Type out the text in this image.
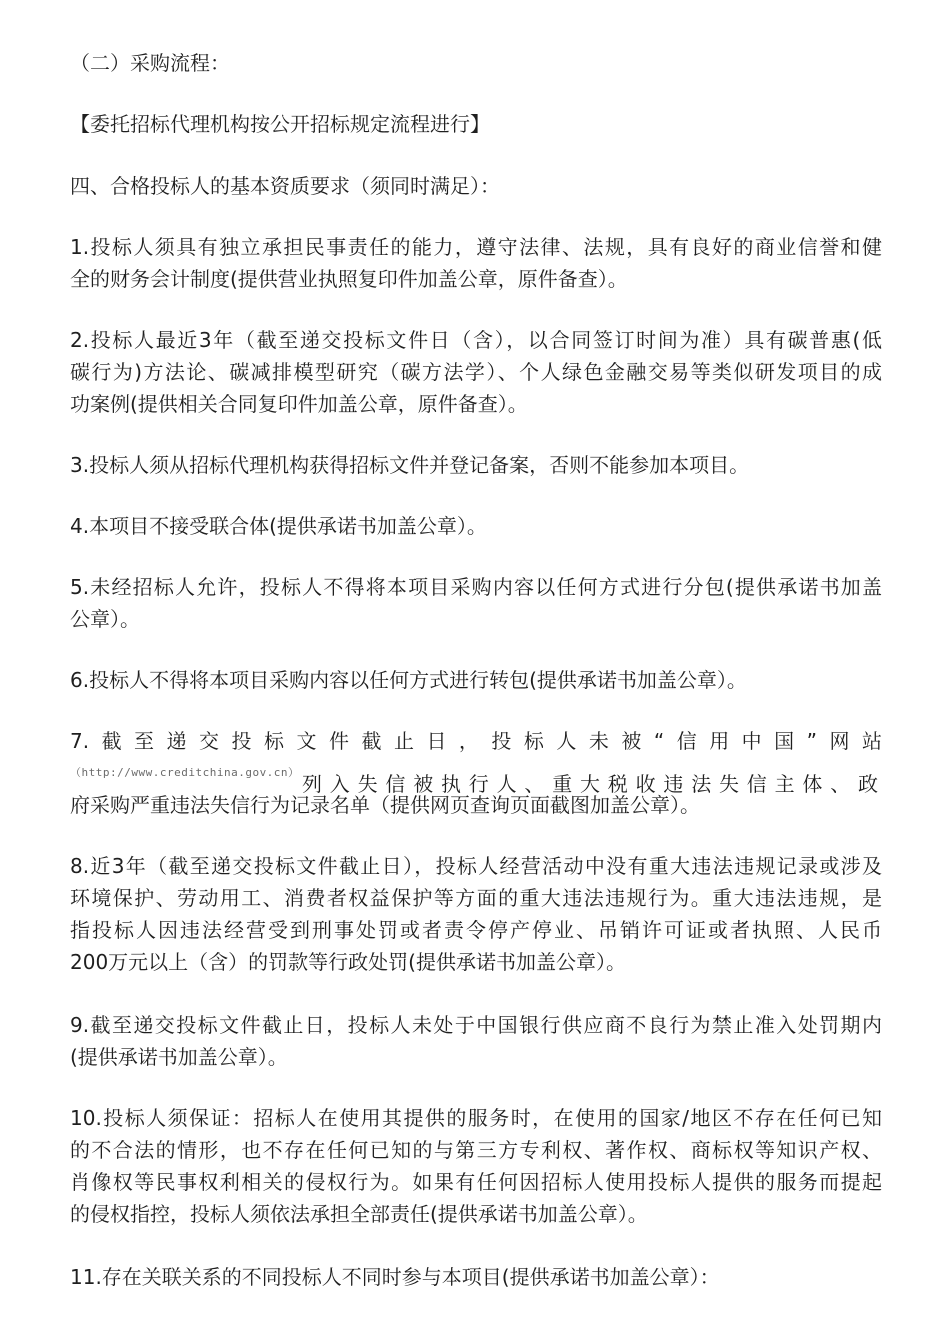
（二）采购流程：
【委托招标代理机构按公开招标规定流程进行】
四、合格投标人的基本资质要求（须同时满足）：
1.投标人须具有独立承担民事责任的能力，遵守法律、法规，具有良好的商业信誉和健
全的财务会计制度(提供营业执照复印件加盖公章，原件备查）。
2.投标人最近3年（截至递交投标文件日（含），以合同签订时间为准）具有碳普惠(低
碳行为)方法论、碳减排模型研究（碳方法学）、个人绿色金融交易等类似研发项目的成
功案例(提供相关合同复印件加盖公章，原件备查）。
3.投标人须从招标代理机构获得招标文件并登记备案，否则不能参加本项目。
4.本项目不接受联合体(提供承诺书加盖公章）。
5.未经招标人允许，投标人不得将本项目采购内容以任何方式进行分包(提供承诺书加盖
公章）。
6.投标人不得将本项目采购内容以任何方式进行转包(提供承诺书加盖公章）。
7.截至递交投标文件截止日，投标人未被“信用中国”网站
（http://www.creditchina.gov.cn） 列入失信被执行人、重大税收违法失信主体、政
府采购严重违法失信行为记录名单（提供网页查询页面截图加盖公章）。
8.近3年（截至递交投标文件截止日），投标人经营活动中没有重大违法违规记录或涉及
环境保护、劳动用工、消费者权益保护等方面的重大违法违规行为。重大违法违规，是
指投标人因违法经营受到刑事处罚或者责令停产停业、吊销许可证或者执照、人民币
200万元以上（含）的罚款等行政处罚(提供承诺书加盖公章）。
9.截至递交投标文件截止日，投标人未处于中国银行供应商不良行为禁止准入处罚期内
(提供承诺书加盖公章）。
10.投标人须保证：招标人在使用其提供的服务时，在使用的国家/地区不存在任何已知
的不合法的情形，也不存在任何已知的与第三方专利权、著作权、商标权等知识产权、
肖像权等民事权利相关的侵权行为。如果有任何因招标人使用投标人提供的服务而提起
的侵权指控，投标人须依法承担全部责任(提供承诺书加盖公章）。
11.存在关联关系的不同投标人不同时参与本项目(提供承诺书加盖公章）：
